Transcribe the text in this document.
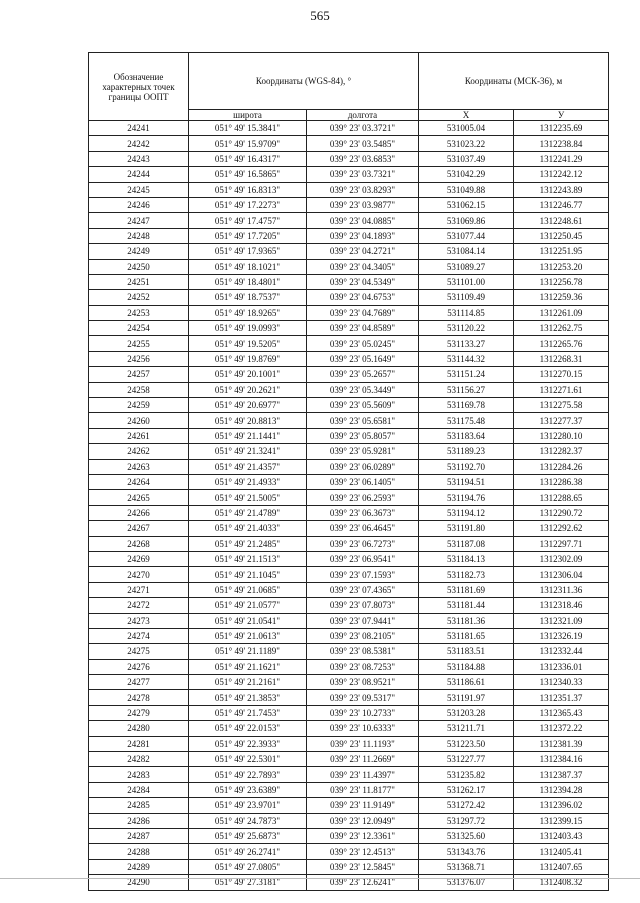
565
Обозначение характерных точек границы ООПТ	Координаты (WGS-84), °		Координаты (МСК-36), м	
	широта	долгота	X	У
24241	051° 49' 15.3841"	039° 23' 03.3721"	531005.04	1312235.69
24242	051° 49' 15.9709"	039° 23' 03.5485"	531023.22	1312238.84
24243	051° 49' 16.4317"	039° 23' 03.6853"	531037.49	1312241.29
24244	051° 49' 16.5865"	039° 23' 03.7321"	531042.29	1312242.12
24245	051° 49' 16.8313"	039° 23' 03.8293"	531049.88	1312243.89
24246	051° 49' 17.2273"	039° 23' 03.9877"	531062.15	1312246.77
24247	051° 49' 17.4757"	039° 23' 04.0885"	531069.86	1312248.61
24248	051° 49' 17.7205"	039° 23' 04.1893"	531077.44	1312250.45
24249	051° 49' 17.9365"	039° 23' 04.2721"	531084.14	1312251.95
24250	051° 49' 18.1021"	039° 23' 04.3405"	531089.27	1312253.20
24251	051° 49' 18.4801"	039° 23' 04.5349"	531101.00	1312256.78
24252	051° 49' 18.7537"	039° 23' 04.6753"	531109.49	1312259.36
24253	051° 49' 18.9265"	039° 23' 04.7689"	531114.85	1312261.09
24254	051° 49' 19.0993"	039° 23' 04.8589"	531120.22	1312262.75
24255	051° 49' 19.5205"	039° 23' 05.0245"	531133.27	1312265.76
24256	051° 49' 19.8769"	039° 23' 05.1649"	531144.32	1312268.31
24257	051° 49' 20.1001"	039° 23' 05.2657"	531151.24	1312270.15
24258	051° 49' 20.2621"	039° 23' 05.3449"	531156.27	1312271.61
24259	051° 49' 20.6977"	039° 23' 05.5609"	531169.78	1312275.58
24260	051° 49' 20.8813"	039° 23' 05.6581"	531175.48	1312277.37
24261	051° 49' 21.1441"	039° 23' 05.8057"	531183.64	1312280.10
24262	051° 49' 21.3241"	039° 23' 05.9281"	531189.23	1312282.37
24263	051° 49' 21.4357"	039° 23' 06.0289"	531192.70	1312284.26
24264	051° 49' 21.4933"	039° 23' 06.1405"	531194.51	1312286.38
24265	051° 49' 21.5005"	039° 23' 06.2593"	531194.76	1312288.65
24266	051° 49' 21.4789"	039° 23' 06.3673"	531194.12	1312290.72
24267	051° 49' 21.4033"	039° 23' 06.4645"	531191.80	1312292.62
24268	051° 49' 21.2485"	039° 23' 06.7273"	531187.08	1312297.71
24269	051° 49' 21.1513"	039° 23' 06.9541"	531184.13	1312302.09
24270	051° 49' 21.1045"	039° 23' 07.1593"	531182.73	1312306.04
24271	051° 49' 21.0685"	039° 23' 07.4365"	531181.69	1312311.36
24272	051° 49' 21.0577"	039° 23' 07.8073"	531181.44	1312318.46
24273	051° 49' 21.0541"	039° 23' 07.9441"	531181.36	1312321.09
24274	051° 49' 21.0613"	039° 23' 08.2105"	531181.65	1312326.19
24275	051° 49' 21.1189"	039° 23' 08.5381"	531183.51	1312332.44
24276	051° 49' 21.1621"	039° 23' 08.7253"	531184.88	1312336.01
24277	051° 49' 21.2161"	039° 23' 08.9521"	531186.61	1312340.33
24278	051° 49' 21.3853"	039° 23' 09.5317"	531191.97	1312351.37
24279	051° 49' 21.7453"	039° 23' 10.2733"	531203.28	1312365.43
24280	051° 49' 22.0153"	039° 23' 10.6333"	531211.71	1312372.22
24281	051° 49' 22.3933"	039° 23' 11.1193"	531223.50	1312381.39
24282	051° 49' 22.5301"	039° 23' 11.2669"	531227.77	1312384.16
24283	051° 49' 22.7893"	039° 23' 11.4397"	531235.82	1312387.37
24284	051° 49' 23.6389"	039° 23' 11.8177"	531262.17	1312394.28
24285	051° 49' 23.9701"	039° 23' 11.9149"	531272.42	1312396.02
24286	051° 49' 24.7873"	039° 23' 12.0949"	531297.72	1312399.15
24287	051° 49' 25.6873"	039° 23' 12.3361"	531325.60	1312403.43
24288	051° 49' 26.2741"	039° 23' 12.4513"	531343.76	1312405.41
24289	051° 49' 27.0805"	039° 23' 12.5845"	531368.71	1312407.65
24290	051° 49' 27.3181"	039° 23' 12.6241"	531376.07	1312408.32
